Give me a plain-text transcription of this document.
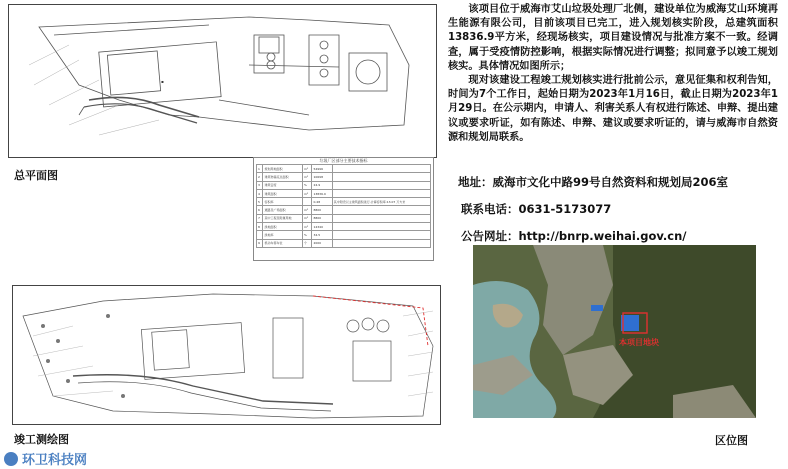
▪
总平面图
垃圾厂区部分主要技术指标
1	规划用地面积	m²	54996	
2	建筑物基底总面积	m²	10698	
3	建筑密度	%	24.9	
4	建筑面积	m²	13836.9	
5	容积率		0.48	其中附设以主建筑面积进行,计算容积率:13.07 万方米
6	道路及广场面积	m²	8800	
7	其中工程及附属用地	m²	8800	
8	绿地面积	m²	14340	
	绿地率	%	34.5	
9	机动车停车位	个	2000	

该项目位于威海市艾山垃圾处理厂北侧，建设单位为威海艾山环境再生能源有限公司，目前该项目已完工，进入规划核实阶段，总建筑面积13836.9平方米，经现场核实，项目建设情况与批准方案不一致。经调查，属于受疫情防控影响，根据实际情况进行调整；拟同意予以竣工规划核实。具体情况如图所示；

现对该建设工程竣工规划核实进行批前公示，意见征集和权利告知，时间为7个工作日，起始日期为2023年1月16日，截止日期为2023年1月29日。在公示期内，申请人、利害关系人有权进行陈述、申辩、提出建议或要求听证，如有陈述、申辩、建议或要求听证的，请与威海市自然资源和规划局联系。

地址：威海市文化中路99号自然资料和规划局206室
联系电话：0631-5173077
公告网址：http://bnrp.weihai.gov.cn/
竣工测绘图
本项目地块
区位图
环卫科技网
